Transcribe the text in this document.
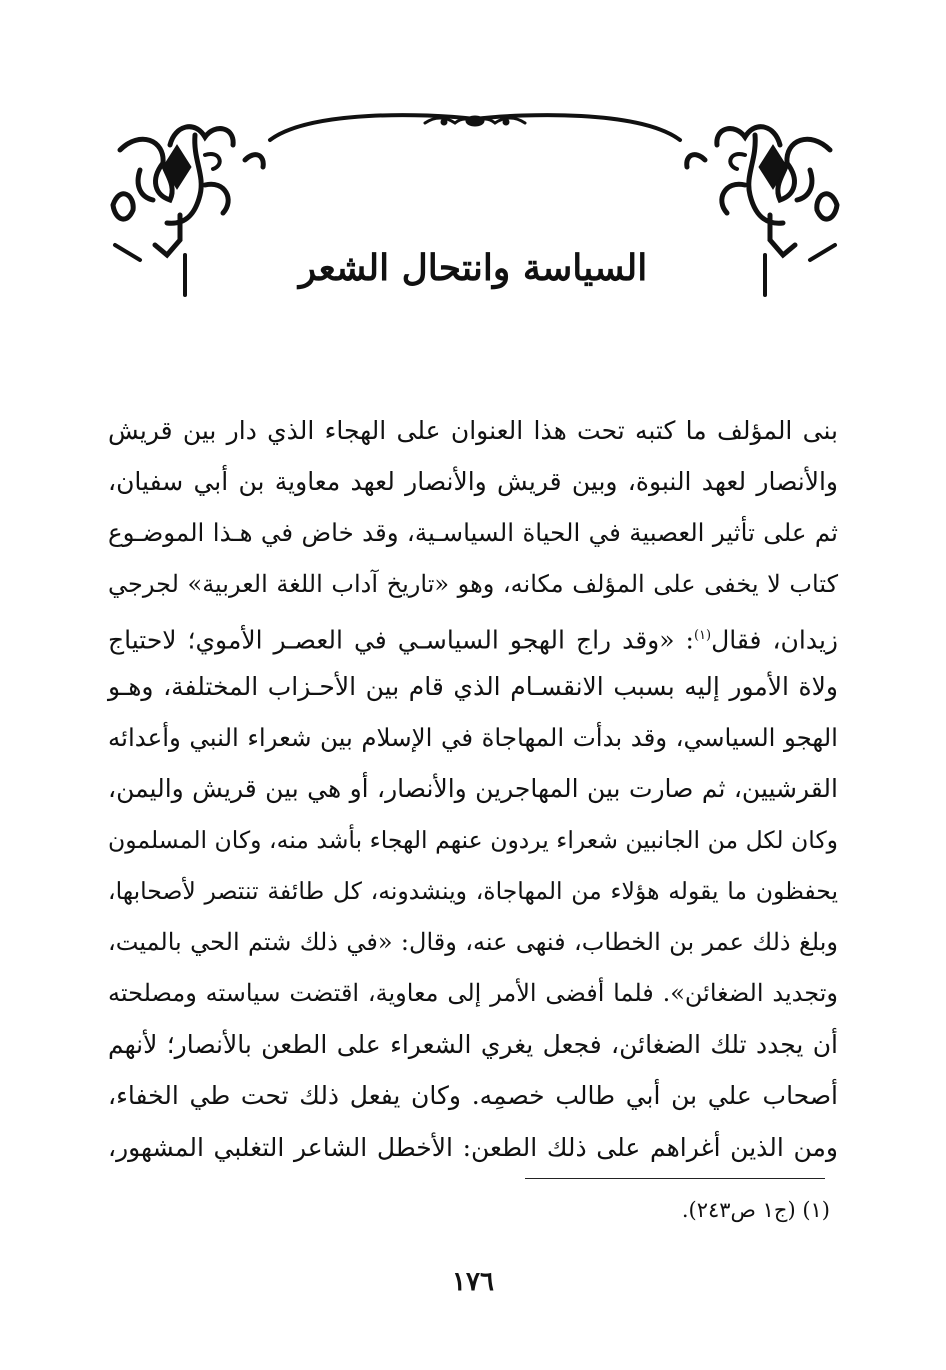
السياسة وانتحال الشعر
بنى المؤلف ما كتبه تحت هذا العنوان على الهجاء الذي دار بين قريش
والأنصار لعهد النبوة، وبين قريش والأنصار لعهد معاوية بن أبي سفيان،
ثم على تأثير العصبية في الحياة السياسـية، وقد خاض في هـذا الموضـوع
كتاب لا يخفى على المؤلف مكانه، وهو «تاريخ آداب اللغة العربية» لجرجي
زيدان، فقال$^{(١)}$: «وقد راج الهجو السياسـي في العصـر الأموي؛ لاحتياج
ولاة الأمور إليه بسبب الانقسـام الذي قام بين الأحـزاب المختلفة، وهـو
الهجو السياسي، وقد بدأت المهاجاة في الإسلام بين شعراء النبي وأعدائه
القرشيين، ثم صارت بين المهاجرين والأنصار، أو هي بين قريش واليمن،
وكان لكل من الجانبين شعراء يردون عنهم الهجاء بأشد منه، وكان المسلمون
يحفظون ما يقوله هؤلاء من المهاجاة، وينشدونه، كل طائفة تنتصر لأصحابها،
وبلغ ذلك عمر بن الخطاب، فنهى عنه، وقال: «في ذلك شتم الحي بالميت،
وتجديد الضغائن». فلما أفضى الأمر إلى معاوية، اقتضت سياسته ومصلحته
أن يجدد تلك الضغائن، فجعل يغري الشعراء على الطعن بالأنصار؛ لأنهم
أصحاب علي بن أبي طالب خصمِه. وكان يفعل ذلك تحت طي الخفاء،
ومن الذين أغراهم على ذلك الطعن: الأخطل الشاعر التغلبي المشهور،
(١) (ج١ ص٢٤٣).
١٧٦
